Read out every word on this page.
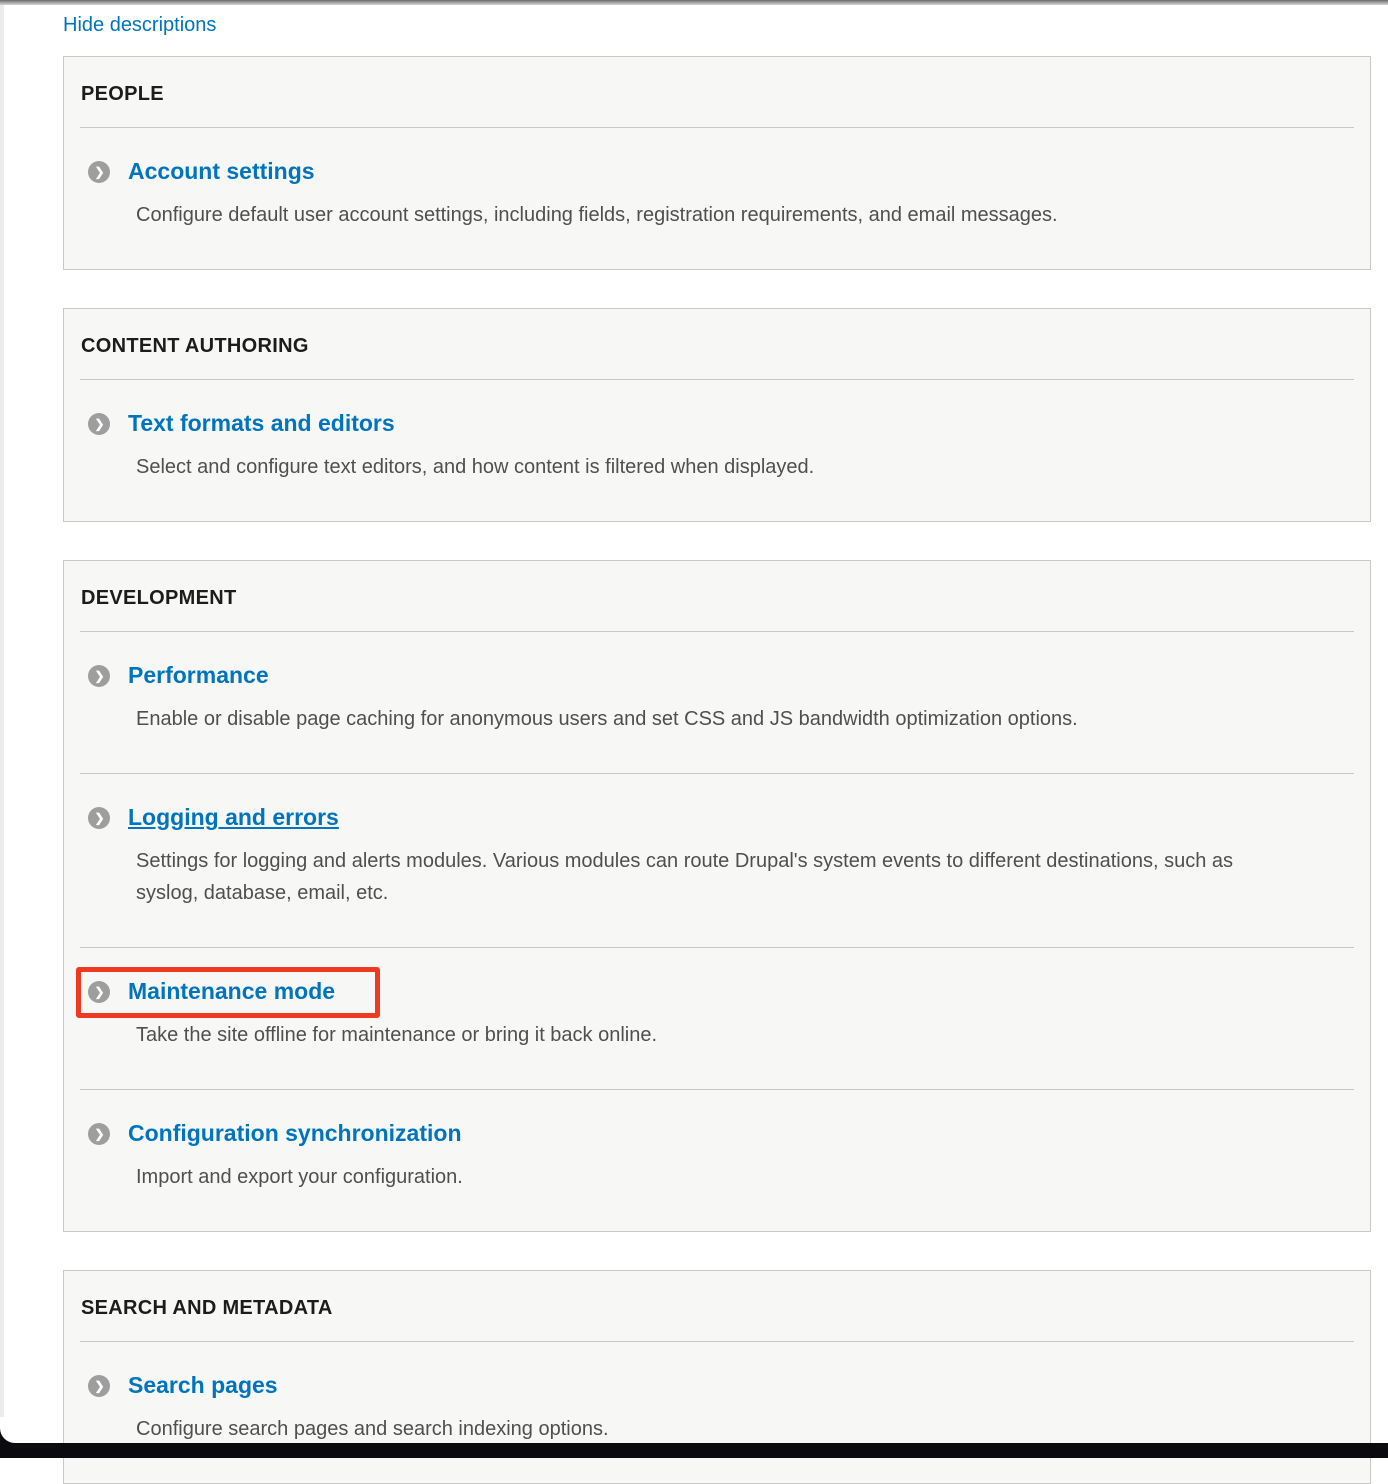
Hide descriptions
PEOPLE
❯ Account settings

Configure default user account settings, including fields, registration requirements, and email messages.

CONTENT AUTHORING
❯ Text formats and editors

Select and configure text editors, and how content is filtered when displayed.

DEVELOPMENT
❯ Performance

Enable or disable page caching for anonymous users and set CSS and JS bandwidth optimization options.

❯ Logging and errors

Settings for logging and alerts modules. Various modules can route Drupal's system events to different destinations, such as syslog, database, email, etc.

❯ Maintenance mode

Take the site offline for maintenance or bring it back online.

❯ Configuration synchronization

Import and export your configuration.

SEARCH AND METADATA
❯ Search pages

Configure search pages and search indexing options.
